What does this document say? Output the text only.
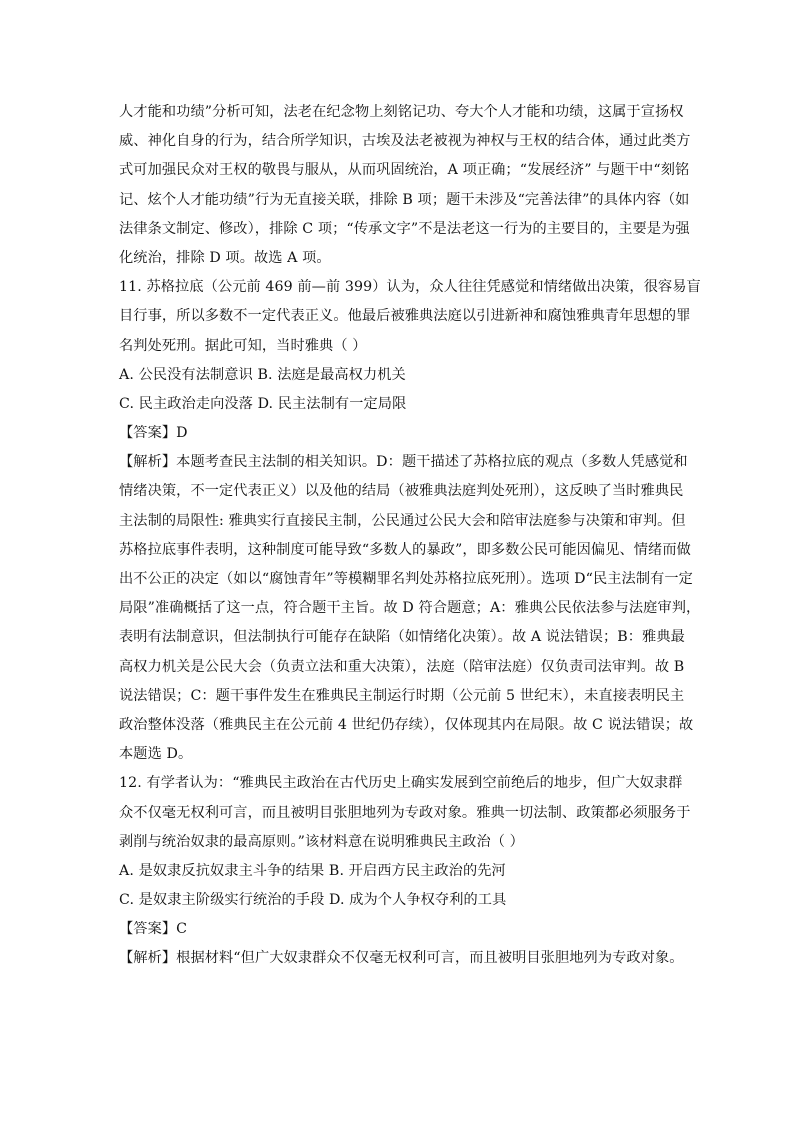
人才能和功绩”分析可知，法老在纪念物上刻铭记功、夸大个人才能和功绩，这属于宣扬权
威、神化自身的行为，结合所学知识，古埃及法老被视为神权与王权的结合体，通过此类方
式可加强民众对王权的敬畏与服从，从而巩固统治，A 项正确；“发展经济” 与题干中“刻铭
记、炫个人才能功绩”行为无直接关联，排除 B 项；题干未涉及“完善法律”的具体内容（如
法律条文制定、修改），排除 C 项；“传承文字”不是法老这一行为的主要目的，主要是为强
化统治，排除 D 项。故选 A 项。
11. 苏格拉底（公元前 469 前—前 399）认为，众人往往凭感觉和情绪做出决策，很容易盲
目行事，所以多数不一定代表正义。他最后被雅典法庭以引进新神和腐蚀雅典青年思想的罪
名判处死刑。据此可知，当时雅典（ ）
A. 公民没有法制意识 B. 法庭是最高权力机关
C. 民主政治走向没落 D. 民主法制有一定局限
【答案】D
【解析】本题考查民主法制的相关知识。D：题干描述了苏格拉底的观点（多数人凭感觉和
情绪决策，不一定代表正义）以及他的结局（被雅典法庭判处死刑），这反映了当时雅典民
主法制的局限性: 雅典实行直接民主制，公民通过公民大会和陪审法庭参与决策和审判。但
苏格拉底事件表明，这种制度可能导致“多数人的暴政”，即多数公民可能因偏见、情绪而做
出不公正的决定（如以“腐蚀青年”等模糊罪名判处苏格拉底死刑）。选项 D“民主法制有一定
局限”准确概括了这一点，符合题干主旨。故 D 符合题意；A：雅典公民依法参与法庭审判，
表明有法制意识，但法制执行可能存在缺陷（如情绪化决策）。故 A 说法错误；B：雅典最
高权力机关是公民大会（负责立法和重大决策），法庭（陪审法庭）仅负责司法审判。故 B
说法错误；C：题干事件发生在雅典民主制运行时期（公元前 5 世纪末），未直接表明民主
政治整体没落（雅典民主在公元前 4 世纪仍存续），仅体现其内在局限。故 C 说法错误；故
本题选 D。
12. 有学者认为：“雅典民主政治在古代历史上确实发展到空前绝后的地步，但广大奴隶群
众不仅毫无权利可言，而且被明目张胆地列为专政对象。雅典一切法制、政策都必须服务于
剥削与统治奴隶的最高原则。”该材料意在说明雅典民主政治（ ）
A. 是奴隶反抗奴隶主斗争的结果 B. 开启西方民主政治的先河
C. 是奴隶主阶级实行统治的手段 D. 成为个人争权夺利的工具
【答案】C
【解析】根据材料“但广大奴隶群众不仅毫无权利可言，而且被明目张胆地列为专政对象。
